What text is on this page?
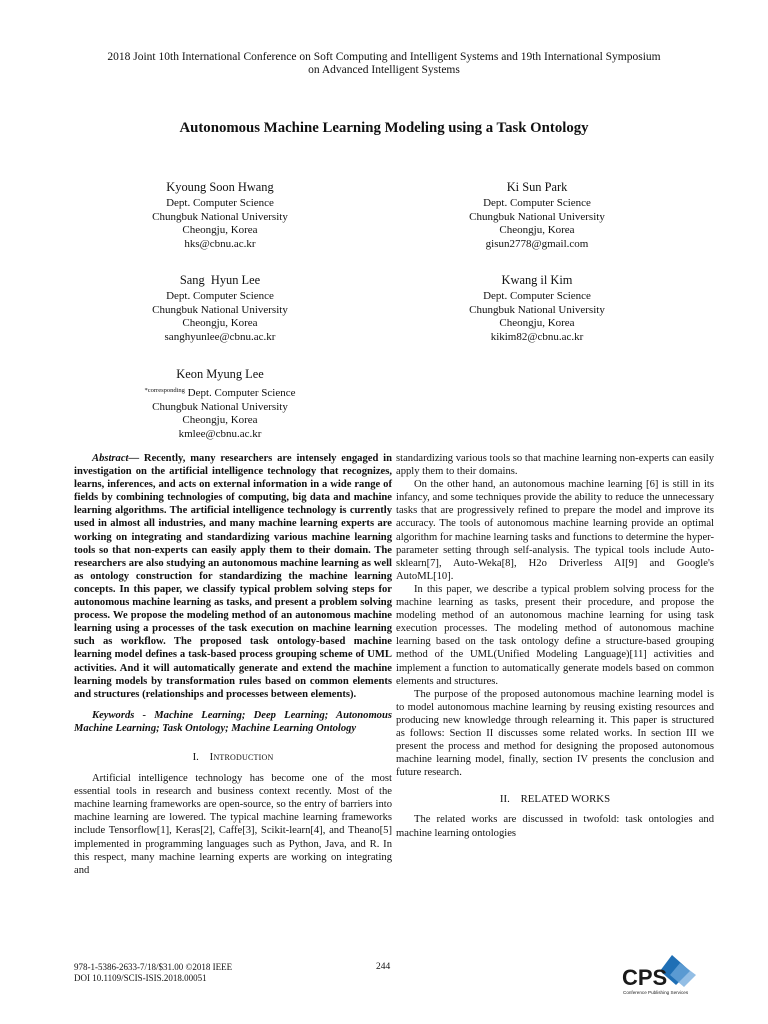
2018 Joint 10th International Conference on Soft Computing and Intelligent Systems and 19th International Symposium
on Advanced Intelligent Systems
Autonomous Machine Learning Modeling using a Task Ontology
Kyoung Soon Hwang
Dept. Computer Science
Chungbuk National University
Cheongju, Korea
hks@cbnu.ac.kr
Ki Sun Park
Dept. Computer Science
Chungbuk National University
Cheongju, Korea
gisun2778@gmail.com
Sang  Hyun Lee
Dept. Computer Science
Chungbuk National University
Cheongju, Korea
sanghyunlee@cbnu.ac.kr
Kwang il Kim
Dept. Computer Science
Chungbuk National University
Cheongju, Korea
kikim82@cbnu.ac.kr
Keon Myung Lee
$^{*corresponding}$ Dept. Computer Science
Chungbuk National University
Cheongju, Korea
kmlee@cbnu.ac.kr

Abstract— Recently, many researchers are intensely engaged in investigation on the artificial intelligence technology that recognizes, learns, inferences, and acts on external information in a wide range of fields by combining technologies of computing, big data and machine learning algorithms. The artificial intelligence technology is currently used in almost all industries, and many machine learning experts are working on integrating and standardizing various machine learning tools so that non-experts can easily apply them to their domain. The researchers are also studying an autonomous machine learning as well as ontology construction for standardizing the machine learning concepts. In this paper, we classify typical problem solving steps for autonomous machine learning as tasks, and present a problem solving process. We propose the modeling method of an autonomous machine learning using a processes of the task execution on machine learning such as workflow. The proposed task ontology-based machine learning model defines a task-based process grouping scheme of UML activities. And it will automatically generate and extend the machine learning models by transformation rules based on common elements and structures (relationships and processes between elements).

Keywords - Machine Learning; Deep Learning; Autonomous Machine Learning; Task Ontology; Machine Learning Ontology

I. Introduction

Artificial intelligence technology has become one of the most essential tools in research and business context recently. Most of the machine learning frameworks are open-source, so the entry of barriers into machine learning are lowered. The typical machine learning frameworks include Tensorflow[1], Keras[2], Caffe[3], Scikit-learn[4], and Theano[5] implemented in programming languages such as Python, Java, and R. In this respect, many machine learning experts are working on integrating and

standardizing various tools so that machine learning non-experts can easily apply them to their domains.

On the other hand, an autonomous machine learning [6] is still in its infancy, and some techniques provide the ability to reduce the unnecessary tasks that are progressively refined to prepare the model and improve its accuracy. The tools of autonomous machine learning provide an optimal algorithm for machine learning tasks and functions to determine the hyper-parameter setting through self-analysis. The typical tools include Auto-sklearn[7], Auto-Weka[8], H2o Driverless AI[9] and Google's AutoML[10].

In this paper, we describe a typical problem solving process for the machine learning as tasks, present their procedure, and propose the modeling method of an autonomous machine learning for using task execution processes. The modeling method of autonomous machine learning based on the task ontology define a structure-based grouping method of the UML(Unified Modeling Language)[11] activities and implement a function to automatically generate models based on common elements and structures.

The purpose of the proposed autonomous machine learning model is to model autonomous machine learning by reusing existing resources and producing new knowledge through relearning it. This paper is structured as follows: Section II discusses some related works. In section III we present the process and method for designing the proposed autonomous machine learning model, finally, section IV presents the conclusion and future research.

II. RELATED WORKS

The related works are discussed in twofold: task ontologies and machine learning ontologies

978-1-5386-2633-7/18/$31.00 ©2018 IEEE
DOI 10.1109/SCIS-ISIS.2018.00051
244	CPS
Conference Publishing Services
